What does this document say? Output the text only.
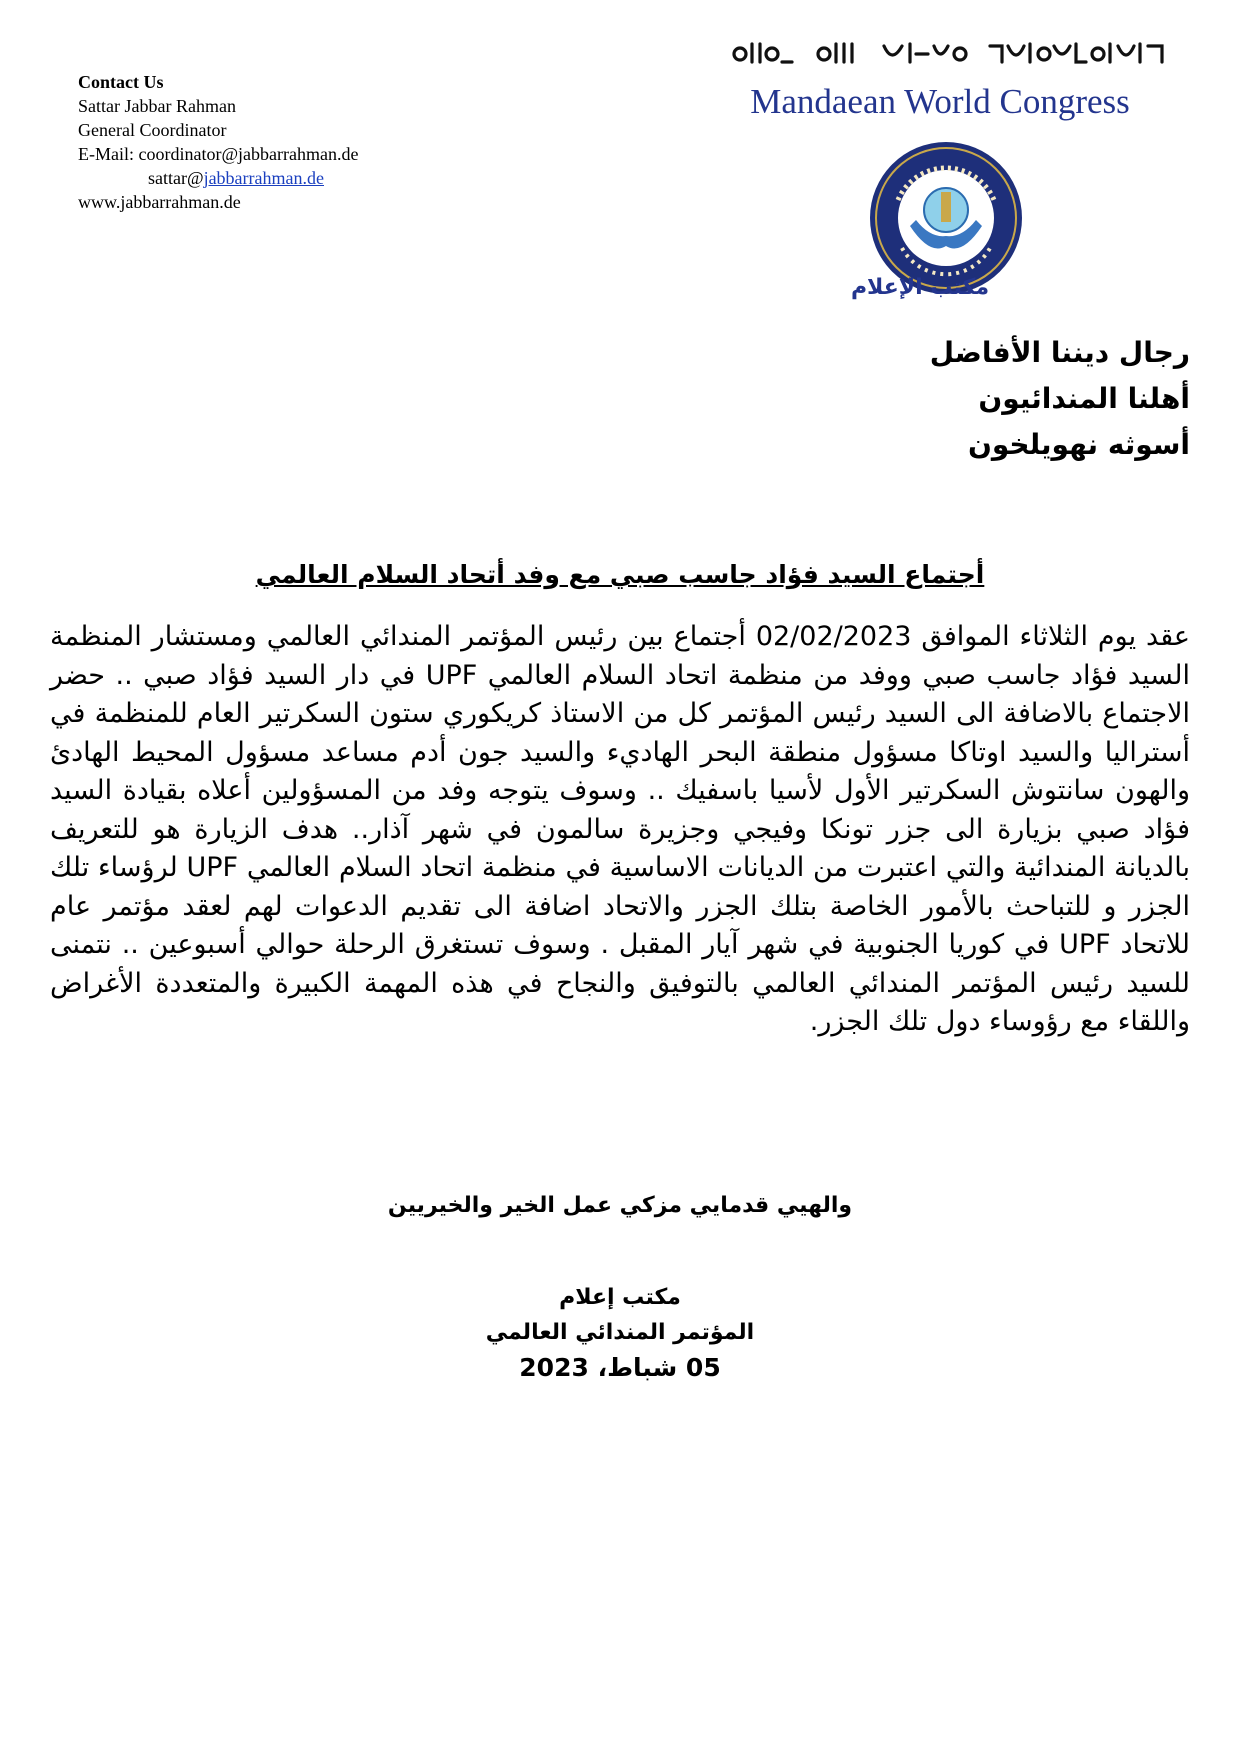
Contact Us
Sattar Jabbar Rahman
General Coordinator
E-Mail: coordinator@jabbarrahman.de
sattar@jabbarrahman.de
www.jabbarrahman.de
Mandaean World Congress
مكتب الإعلام
رجال ديننا الأفاضل
أهلنا المندائيون
أسوثه نهويلخون
أجتماع السيد فؤاد جاسب صبي مع وفد أتحاد السلام العالمي
عقد يوم الثلاثاء الموافق 02/02/2023 أجتماع بين رئيس المؤتمر المندائي العالمي ومستشار المنظمة السيد فؤاد جاسب صبي ووفد من منظمة اتحاد السلام العالمي UPF في دار السيد فؤاد صبي .. حضر الاجتماع بالاضافة الى السيد رئيس المؤتمر كل من الاستاذ كريكوري ستون السكرتير العام للمنظمة في أستراليا والسيد اوتاكا مسؤول منطقة البحر الهاديء والسيد جون أدم مساعد مسؤول المحيط الهادئ والهون سانتوش السكرتير الأول لأسيا باسفيك .. وسوف يتوجه وفد من المسؤولين أعلاه بقيادة السيد فؤاد صبي بزيارة الى جزر تونكا وفيجي وجزيرة سالمون في شهر آذار.. هدف الزيارة هو للتعريف بالديانة المندائية والتي اعتبرت من الديانات الاساسية في منظمة اتحاد السلام العالمي UPF لرؤساء تلك الجزر و للتباحث بالأمور الخاصة بتلك الجزر والاتحاد اضافة الى تقديم الدعوات لهم لعقد مؤتمر عام للاتحاد UPF في كوريا الجنوبية في شهر آيار المقبل . وسوف تستغرق الرحلة حوالي أسبوعين .. نتمنى للسيد رئيس المؤتمر المندائي العالمي بالتوفيق والنجاح في هذه المهمة الكبيرة والمتعددة الأغراض واللقاء مع رؤوساء دول تلك الجزر.
والهيي قدمايي مزكي عمل الخير والخيريين
مكتب إعلام
المؤتمر المندائي العالمي
05 شباط، 2023
